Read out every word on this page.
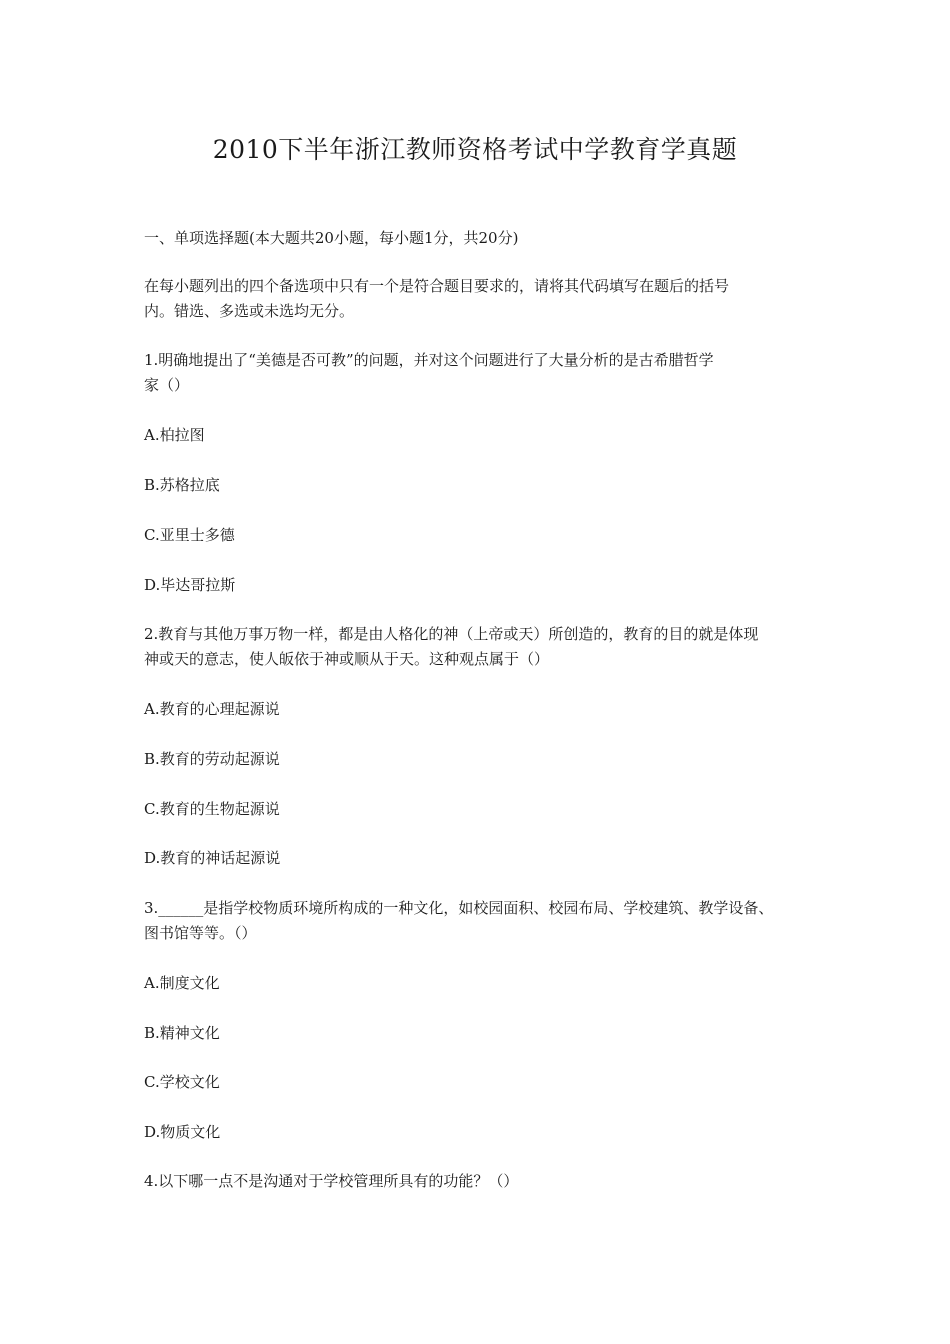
2010下半年浙江教师资格考试中学教育学真题
一、单项选择题(本大题共20小题，每小题1分，共20分)
在每小题列出的四个备选项中只有一个是符合题目要求的，请将其代码填写在题后的括号
内。错选、多选或未选均无分。
1.明确地提出了“美德是否可教”的问题，并对这个问题进行了大量分析的是古希腊哲学
家（）
A.柏拉图
B.苏格拉底
C.亚里士多德
D.毕达哥拉斯
2.教育与其他万事万物一样，都是由人格化的神（上帝或天）所创造的，教育的目的就是体现
神或天的意志，使人皈依于神或顺从于天。这种观点属于（）
A.教育的心理起源说
B.教育的劳动起源说
C.教育的生物起源说
D.教育的神话起源说
3.______是指学校物质环境所构成的一种文化，如校园面积、校园布局、学校建筑、教学设备、
图书馆等等。（）
A.制度文化
B.精神文化
C.学校文化
D.物质文化
4.以下哪一点不是沟通对于学校管理所具有的功能？（）
